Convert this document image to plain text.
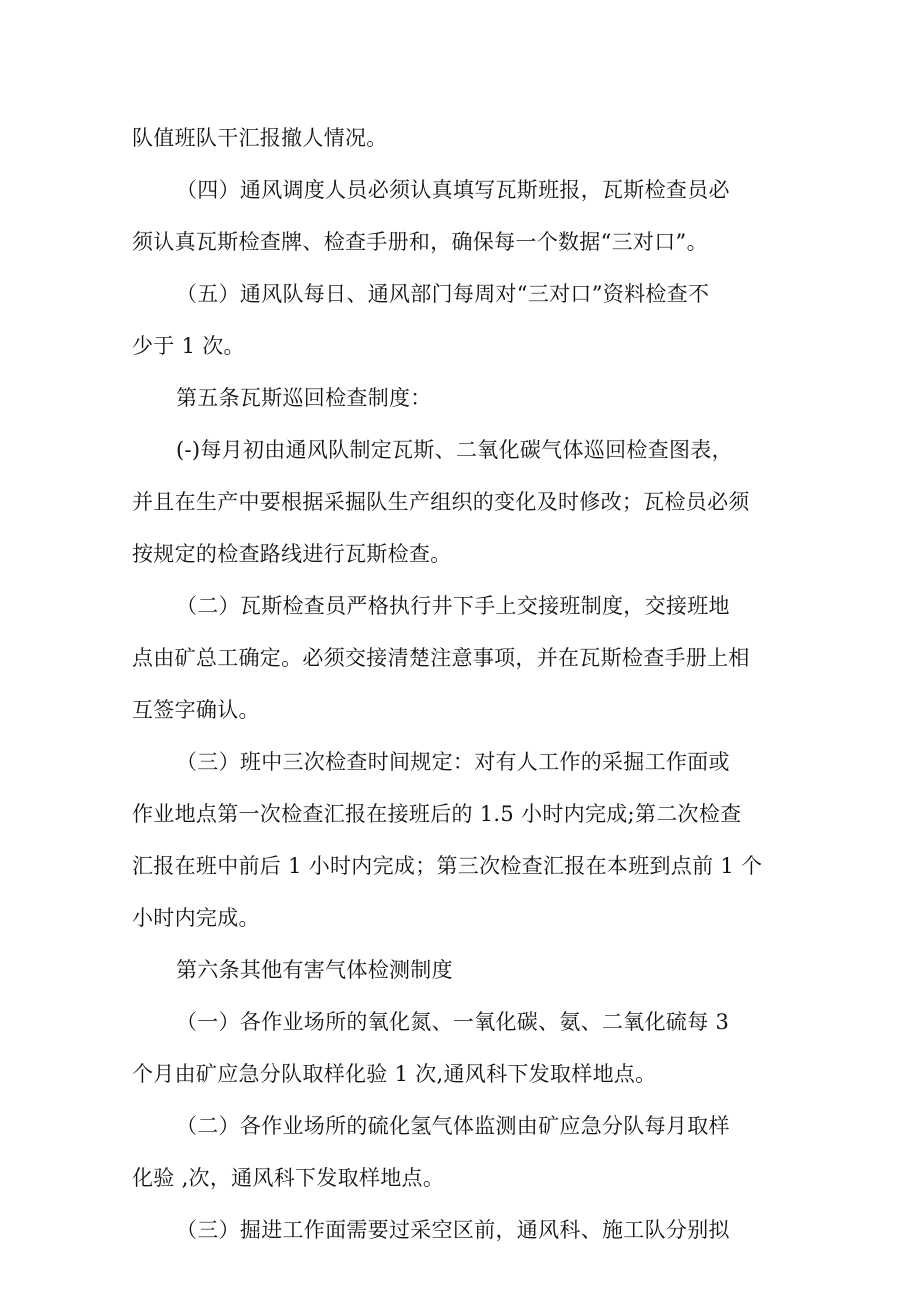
队值班队干汇报撤人情况。
（四）通风调度人员必须认真填写瓦斯班报，瓦斯检查员必
须认真瓦斯检查牌、检查手册和，确保每一个数据“三对口”。
（五）通风队每日、通风部门每周对“三对口”资料检查不
少于 1 次。
第五条瓦斯巡回检查制度：
(-)每月初由通风队制定瓦斯、二氧化碳气体巡回检查图表，
并且在生产中要根据采掘队生产组织的变化及时修改；瓦检员必须
按规定的检查路线进行瓦斯检查。
（二）瓦斯检查员严格执行井下手上交接班制度，交接班地
点由矿总工确定。必须交接清楚注意事项，并在瓦斯检查手册上相
互签字确认。
（三）班中三次检查时间规定：对有人工作的采掘工作面或
作业地点第一次检查汇报在接班后的 1.5 小时内完成;第二次检查
汇报在班中前后 1 小时内完成；第三次检查汇报在本班到点前 1 个
小时内完成。
第六条其他有害气体检测制度
（一）各作业场所的氧化氮、一氧化碳、氨、二氧化硫每 3
个月由矿应急分队取样化验 1 次,通风科下发取样地点。
（二）各作业场所的硫化氢气体监测由矿应急分队每月取样
化验 ,次，通风科下发取样地点。
（三）掘进工作面需要过采空区前，通风科、施工队分别拟
